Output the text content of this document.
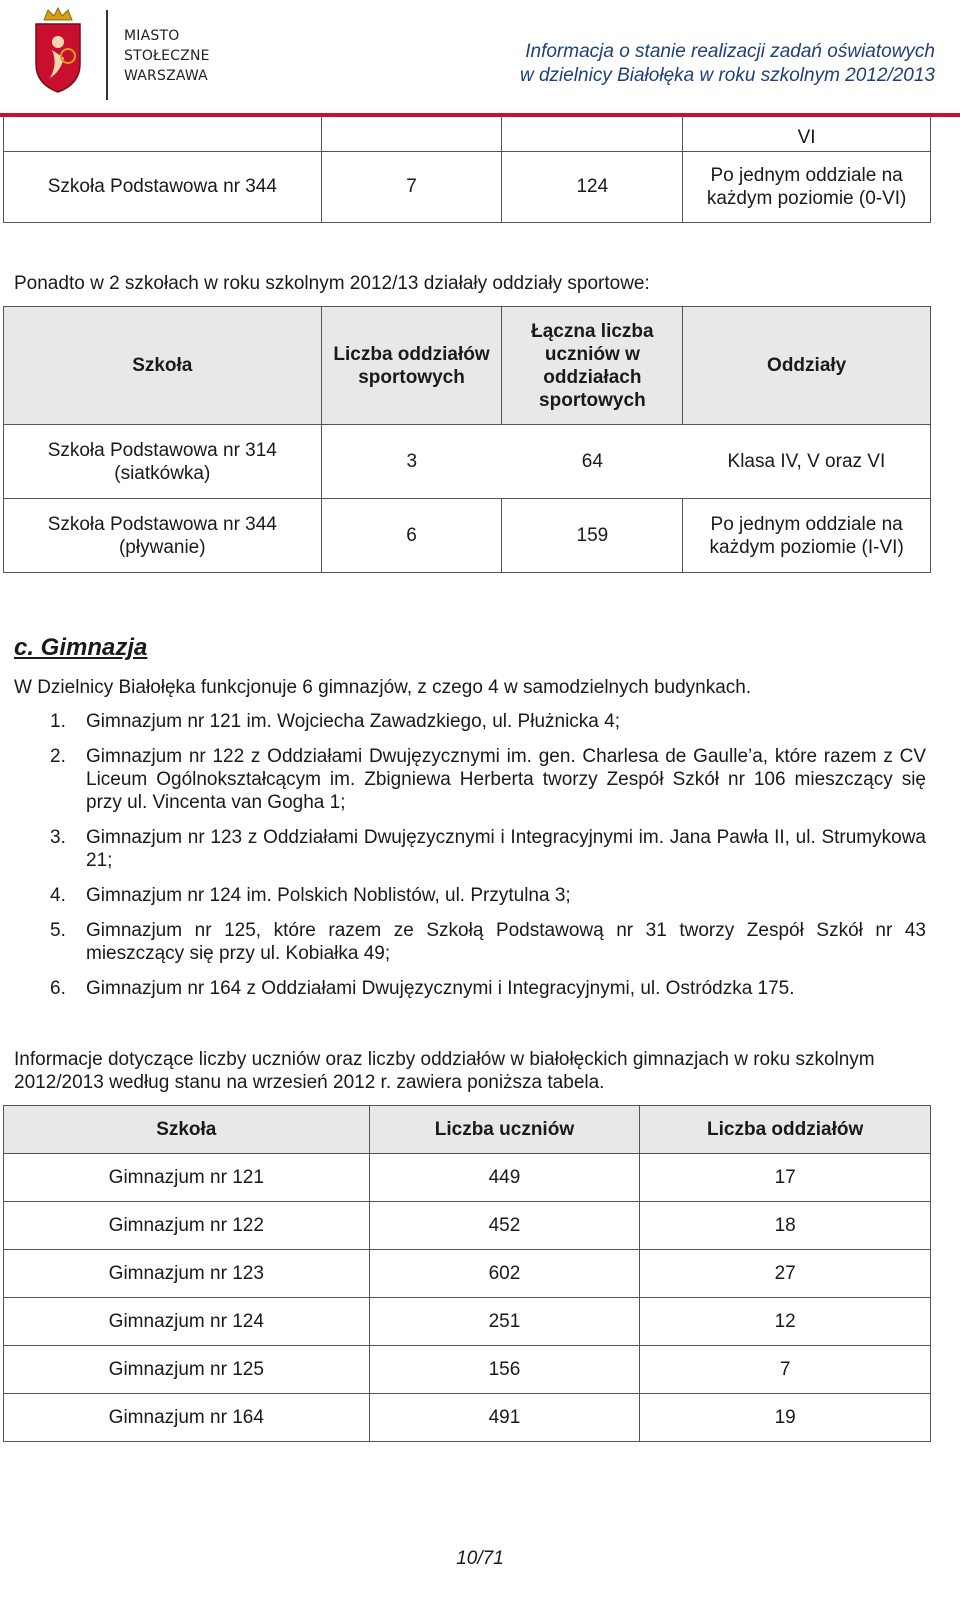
MIASTO
STOŁECZNE
WARSZAWA
Informacja o stanie realizacji zadań oświatowych
w dzielnicy Białołęka w roku szkolnym 2012/2013
			VI
Szkoła Podstawowa nr 344	7	124	Po jednym oddziale na każdym poziomie (0-VI)
Ponadto w 2 szkołach w roku szkolnym 2012/13 działały oddziały sportowe:
Szkoła	Liczba oddziałów sportowych	Łączna liczba uczniów w oddziałach sportowych	Oddziały
Szkoła Podstawowa nr 314 (siatkówka)	3	64	Klasa IV, V oraz VI
Szkoła Podstawowa nr 344 (pływanie)	6	159	Po jednym oddziale na każdym poziomie (I-VI)
c. Gimnazja
W Dzielnicy Białołęka funkcjonuje 6 gimnazjów, z czego 4 w samodzielnych budynkach.
1.	Gimnazjum nr 121 im. Wojciecha Zawadzkiego, ul. Płużnicka 4;
2.	Gimnazjum nr 122 z Oddziałami Dwujęzycznymi im. gen. Charlesa de Gaulle’a, które razem z CV Liceum Ogólnokształcącym im. Zbigniewa Herberta tworzy Zespół Szkół nr 106 mieszczący się przy ul. Vincenta van Gogha 1;
3.	Gimnazjum nr 123 z Oddziałami Dwujęzycznymi i Integracyjnymi im. Jana Pawła II, ul. Strumykowa 21;
4.	Gimnazjum nr 124 im. Polskich Noblistów, ul. Przytulna 3;
5.	Gimnazjum nr 125, które razem ze Szkołą Podstawową nr 31 tworzy Zespół Szkół nr 43 mieszczący się przy ul. Kobiałka 49;
6.	Gimnazjum nr 164 z Oddziałami Dwujęzycznymi i Integracyjnymi, ul. Ostródzka 175.
Informacje dotyczące liczby uczniów oraz liczby oddziałów w białołęckich gimnazjach w roku szkolnym 2012/2013 według stanu na wrzesień 2012 r. zawiera poniższa tabela.
Szkoła	Liczba uczniów	Liczba oddziałów
Gimnazjum nr 121	449	17
Gimnazjum nr 122	452	18
Gimnazjum nr 123	602	27
Gimnazjum nr 124	251	12
Gimnazjum nr 125	156	7
Gimnazjum nr 164	491	19
10/71
